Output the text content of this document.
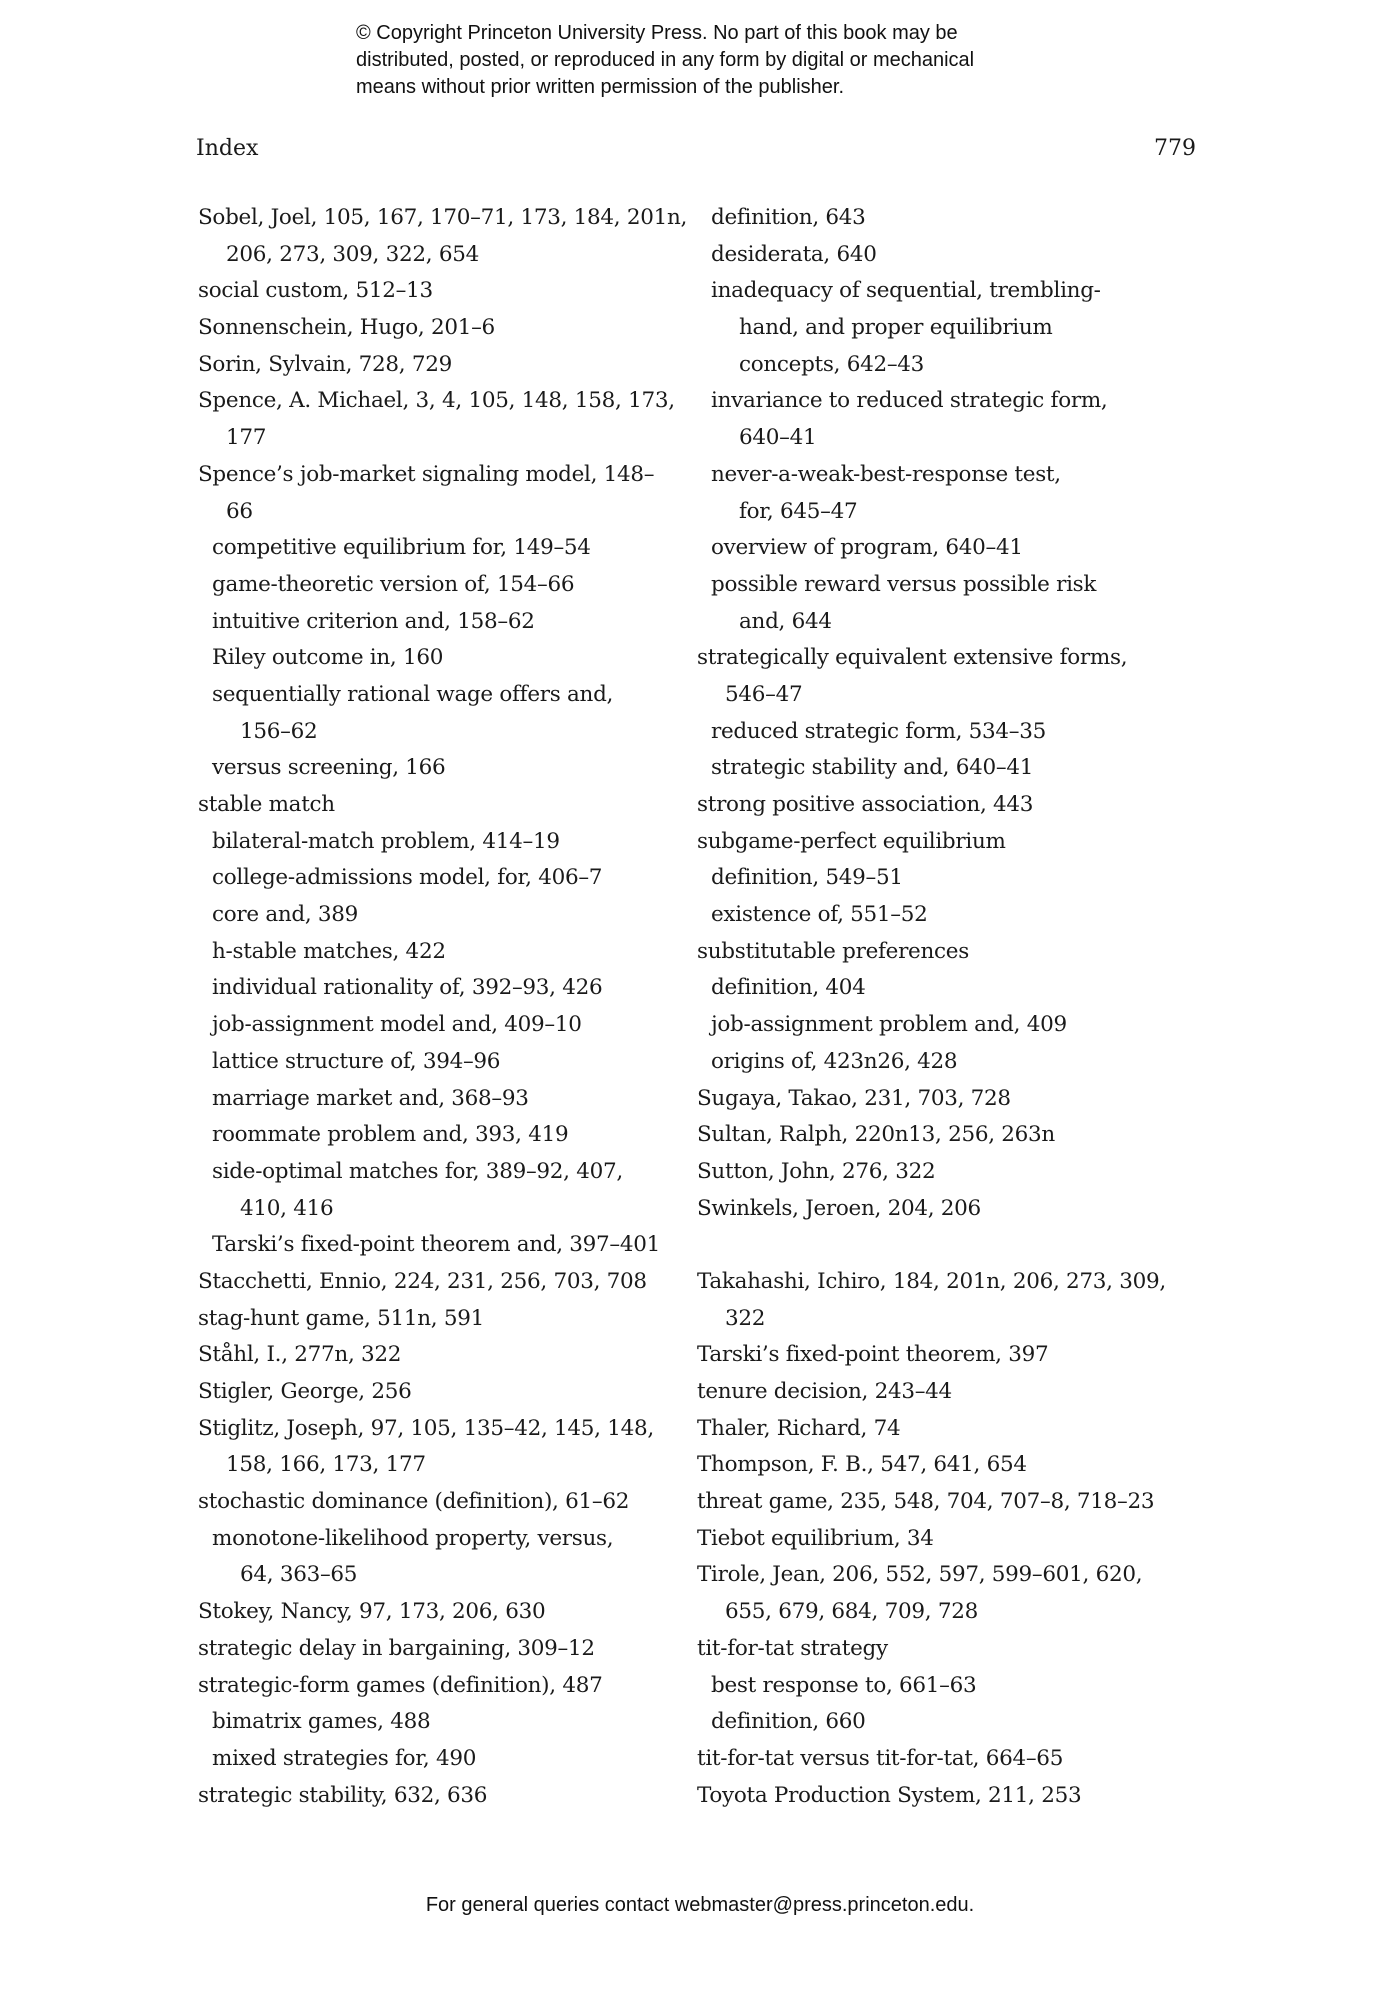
© Copyright Princeton University Press. No part of this book may be
distributed, posted, or reproduced in any form by digital or mechanical
means without prior written permission of the publisher.
Index	779
Sobel, Joel, 105, 167, 170–71, 173, 184, 201n,
206, 273, 309, 322, 654
social custom, 512–13
Sonnenschein, Hugo, 201–6
Sorin, Sylvain, 728, 729
Spence, A. Michael, 3, 4, 105, 148, 158, 173,
177
Spence’s job-market signaling model, 148–
66
competitive equilibrium for, 149–54
game-theoretic version of, 154–66
intuitive criterion and, 158–62
Riley outcome in, 160
sequentially rational wage offers and,
156–62
versus screening, 166
stable match
bilateral-match problem, 414–19
college-admissions model, for, 406–7
core and, 389
h-stable matches, 422
individual rationality of, 392–93, 426
job-assignment model and, 409–10
lattice structure of, 394–96
marriage market and, 368–93
roommate problem and, 393, 419
side-optimal matches for, 389–92, 407,
410, 416
Tarski’s fixed-point theorem and, 397–401
Stacchetti, Ennio, 224, 231, 256, 703, 708
stag-hunt game, 511n, 591
Ståhl, I., 277n, 322
Stigler, George, 256
Stiglitz, Joseph, 97, 105, 135–42, 145, 148,
158, 166, 173, 177
stochastic dominance (definition), 61–62
monotone-likelihood property, versus,
64, 363–65
Stokey, Nancy, 97, 173, 206, 630
strategic delay in bargaining, 309–12
strategic-form games (definition), 487
bimatrix games, 488
mixed strategies for, 490
strategic stability, 632, 636
definition, 643
desiderata, 640
inadequacy of sequential, trembling-
hand, and proper equilibrium
concepts, 642–43
invariance to reduced strategic form,
640–41
never-a-weak-best-response test,
for, 645–47
overview of program, 640–41
possible reward versus possible risk
and, 644
strategically equivalent extensive forms,
546–47
reduced strategic form, 534–35
strategic stability and, 640–41
strong positive association, 443
subgame-perfect equilibrium
definition, 549–51
existence of, 551–52
substitutable preferences
definition, 404
job-assignment problem and, 409
origins of, 423n26, 428
Sugaya, Takao, 231, 703, 728
Sultan, Ralph, 220n13, 256, 263n
Sutton, John, 276, 322
Swinkels, Jeroen, 204, 206
Takahashi, Ichiro, 184, 201n, 206, 273, 309,
322
Tarski’s fixed-point theorem, 397
tenure decision, 243–44
Thaler, Richard, 74
Thompson, F. B., 547, 641, 654
threat game, 235, 548, 704, 707–8, 718–23
Tiebot equilibrium, 34
Tirole, Jean, 206, 552, 597, 599–601, 620,
655, 679, 684, 709, 728
tit-for-tat strategy
best response to, 661–63
definition, 660
tit-for-tat versus tit-for-tat, 664–65
Toyota Production System, 211, 253
For general queries contact webmaster@press.princeton.edu.
